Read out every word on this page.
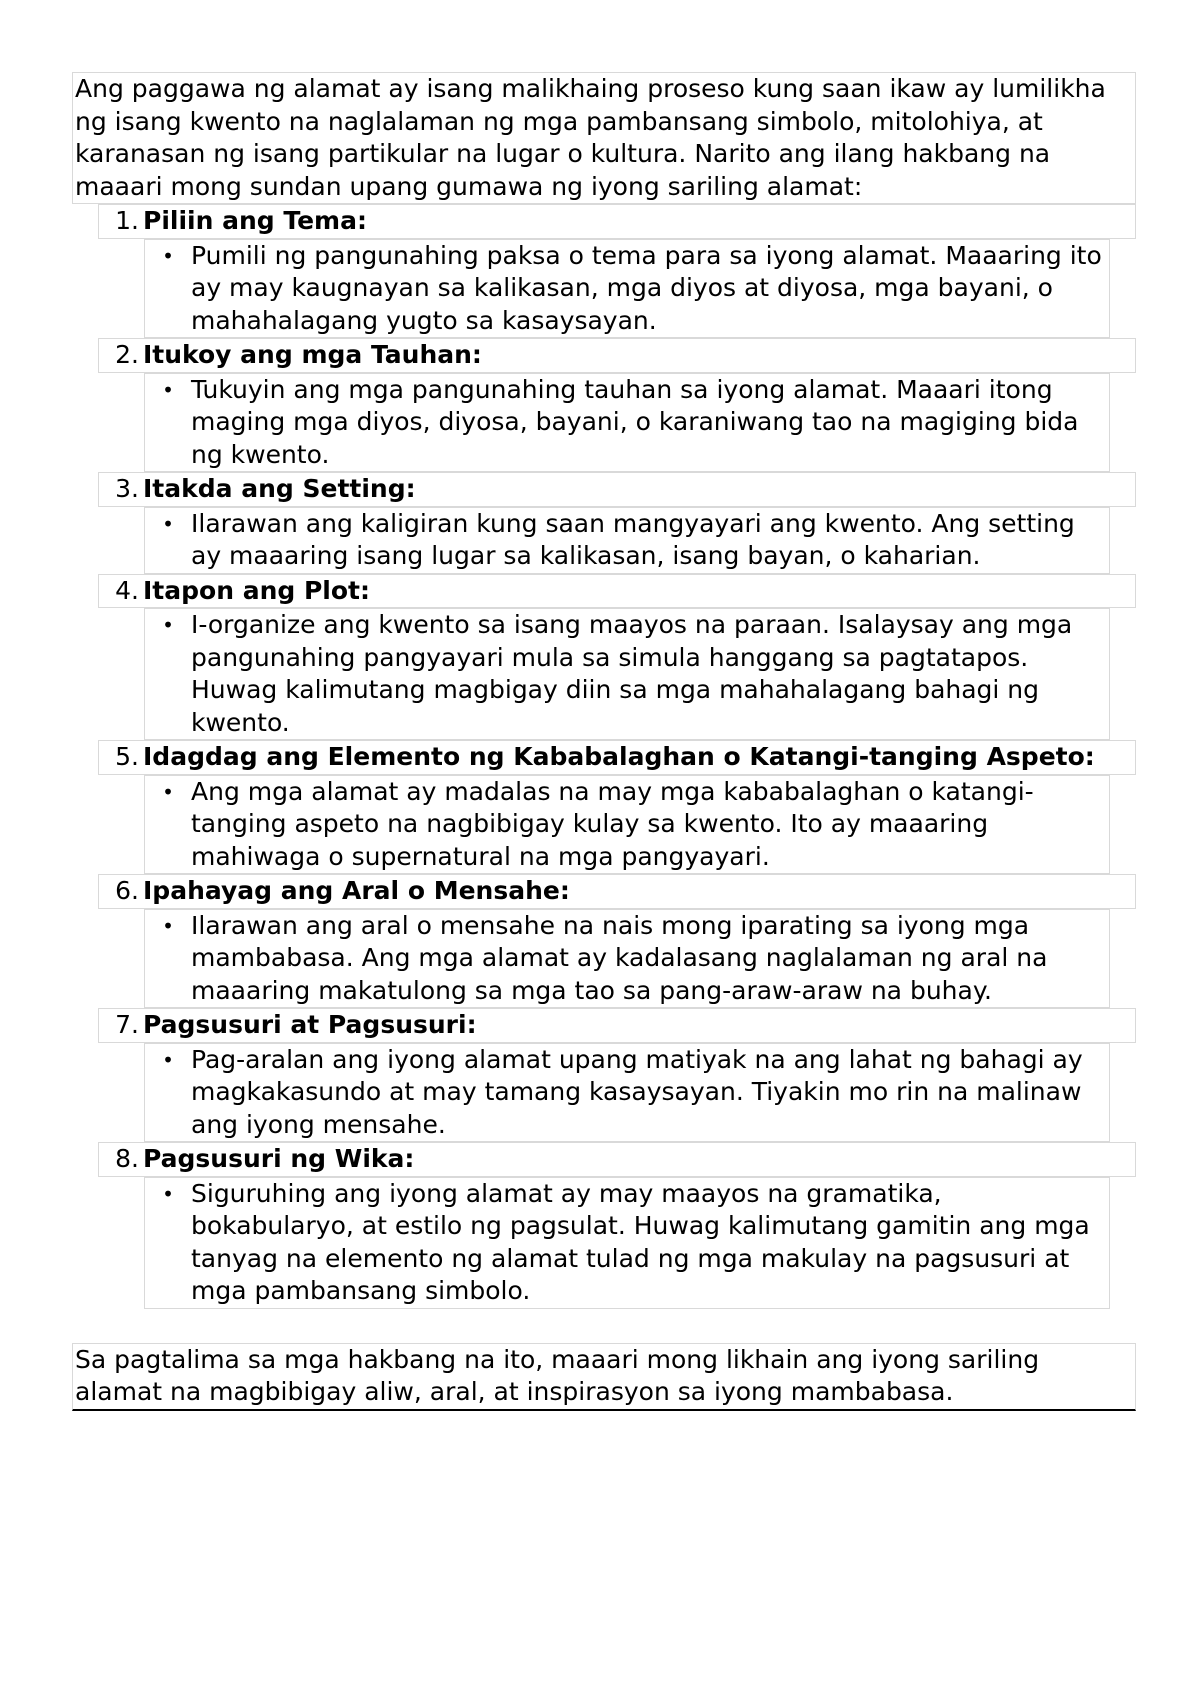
Ang paggawa ng alamat ay isang malikhaing proseso kung saan ikaw ay lumilikha ng isang kwento na naglalaman ng mga pambansang simbolo, mitolohiya, at karanasan ng isang partikular na lugar o kultura. Narito ang ilang hakbang na maaari mong sundan upang gumawa ng iyong sariling alamat:
1. Piliin ang Tema:
• Pumili ng pangunahing paksa o tema para sa iyong alamat. Maaaring ito ay may kaugnayan sa kalikasan, mga diyos at diyosa, mga bayani, o mahahalagang yugto sa kasaysayan.
2. Itukoy ang mga Tauhan:
• Tukuyin ang mga pangunahing tauhan sa iyong alamat. Maaari itong maging mga diyos, diyosa, bayani, o karaniwang tao na magiging bida ng kwento.
3. Itakda ang Setting:
• Ilarawan ang kaligiran kung saan mangyayari ang kwento. Ang setting ay maaaring isang lugar sa kalikasan, isang bayan, o kaharian.
4. Itapon ang Plot:
• I-organize ang kwento sa isang maayos na paraan. Isalaysay ang mga pangunahing pangyayari mula sa simula hanggang sa pagtatapos. Huwag kalimutang magbigay diin sa mga mahahalagang bahagi ng kwento.
5. Idagdag ang Elemento ng Kababalaghan o Katangi-tanging Aspeto:
• Ang mga alamat ay madalas na may mga kababalaghan o katangi-tanging aspeto na nagbibigay kulay sa kwento. Ito ay maaaring mahiwaga o supernatural na mga pangyayari.
6. Ipahayag ang Aral o Mensahe:
• Ilarawan ang aral o mensahe na nais mong iparating sa iyong mga mambabasa. Ang mga alamat ay kadalasang naglalaman ng aral na maaaring makatulong sa mga tao sa pang-araw-araw na buhay.
7. Pagsusuri at Pagsusuri:
• Pag-aralan ang iyong alamat upang matiyak na ang lahat ng bahagi ay magkakasundo at may tamang kasaysayan. Tiyakin mo rin na malinaw ang iyong mensahe.
8. Pagsusuri ng Wika:
• Siguruhing ang iyong alamat ay may maayos na gramatika, bokabularyo, at estilo ng pagsulat. Huwag kalimutang gamitin ang mga tanyag na elemento ng alamat tulad ng mga makulay na pagsusuri at mga pambansang simbolo.
Sa pagtalima sa mga hakbang na ito, maaari mong likhain ang iyong sariling alamat na magbibigay aliw, aral, at inspirasyon sa iyong mambabasa.
